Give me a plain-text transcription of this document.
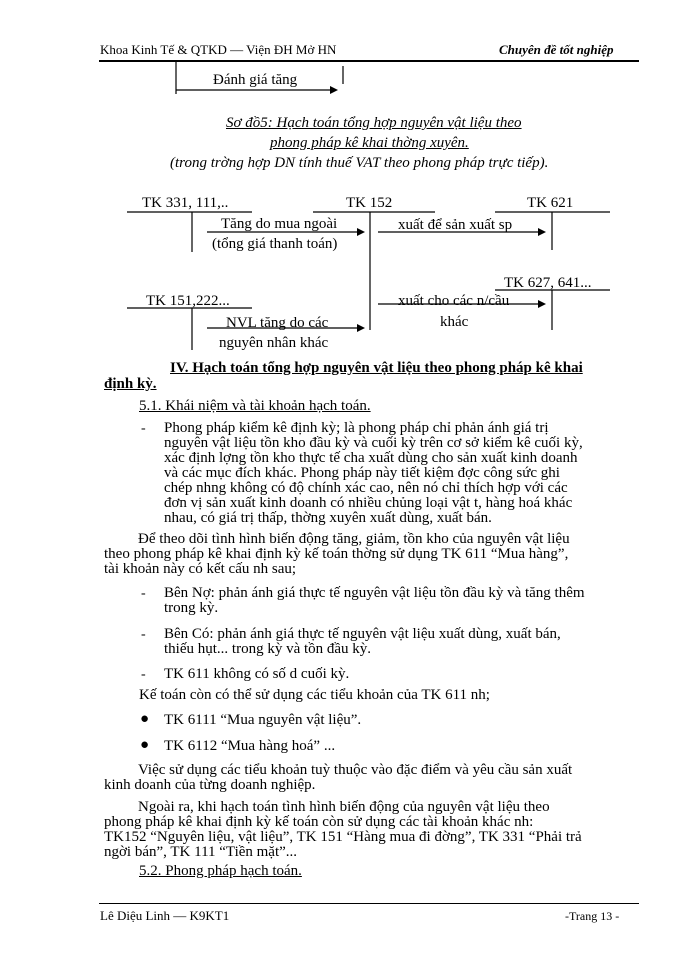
Khoa Kinh Tế & QTKD — Viện ĐH Mở HN	Chuyên đề tốt nghiệp
Đánh giá tăng
Sơ đồ5: Hạch toán tổng hợp nguyên vật liệu theo
phong pháp kê khai thờng xuyên.
(trong trờng hợp DN tính thuế VAT theo phong pháp trực tiếp).
TK 331, 111,..	TK 152	TK 621
Tăng do mua ngoài
(tổng giá thanh toán)
xuất để sản xuất sp
TK 627, 641...
TK 151,222...	xuất cho các n/cầu
khác
NVL tăng do các
nguyên nhân khác
IV. Hạch toán tổng hợp nguyên vật liệu theo phong pháp kê khai
định kỳ.
5.1. Khái niệm và tài khoản hạch toán.
- Phong pháp kiểm kê định kỳ; là phong pháp chỉ phản ánh giá trị

nguyên vật liệu tồn kho đầu kỳ và cuối kỳ trên cơ sở kiểm kê cuối kỳ,

xác định lợng tồn kho thực tế cha xuất dùng cho sản xuất kinh doanh

và các mục đích khác. Phong pháp này tiết kiệm đợc công sức ghi

chép nhng không có độ chính xác cao, nên nó chỉ thích hợp với các

đơn vị sản xuất kinh doanh có nhiều chủng loại vật t, hàng hoá khác

nhau, có giá trị thấp, thờng xuyên xuất dùng, xuất bán.

Để theo dõi tình hình biến động tăng, giảm, tồn kho của nguyên vật liệu

theo phong pháp kê khai định kỳ kế toán thờng sử dụng TK 611 “Mua hàng”,

tài khoản này có kết cấu nh sau;

- Bên Nợ: phản ánh giá thực tế nguyên vật liệu tồn đầu kỳ và tăng thêm

trong kỳ.

- Bên Có: phản ánh giá thực tế nguyên vật liệu xuất dùng, xuất bán,

thiếu hụt... trong kỳ và tồn đầu kỳ.

- TK 611 không có số d cuối kỳ.
Kế toán còn có thể sử dụng các tiểu khoản của TK 611 nh;
● TK 6111 “Mua nguyên vật liệu”.
● TK 6112 “Mua hàng hoá” ...

Việc sử dụng các tiểu khoản tuỳ thuộc vào đặc điểm và yêu cầu sản xuất

kinh doanh của từng doanh nghiệp.

Ngoài ra, khi hạch toán tình hình biến động của nguyên vật liệu theo

phong pháp kê khai định kỳ kế toán còn sử dụng các tài khoản khác nh:

TK152 “Nguyên liệu, vật liệu”, TK 151 “Hàng mua đi đờng”, TK 331 “Phải trả

ngời bán”, TK 111 “Tiền mặt”...

5.2. Phong pháp hạch toán.
Lê Diệu Linh — K9KT1	-Trang 13 -
